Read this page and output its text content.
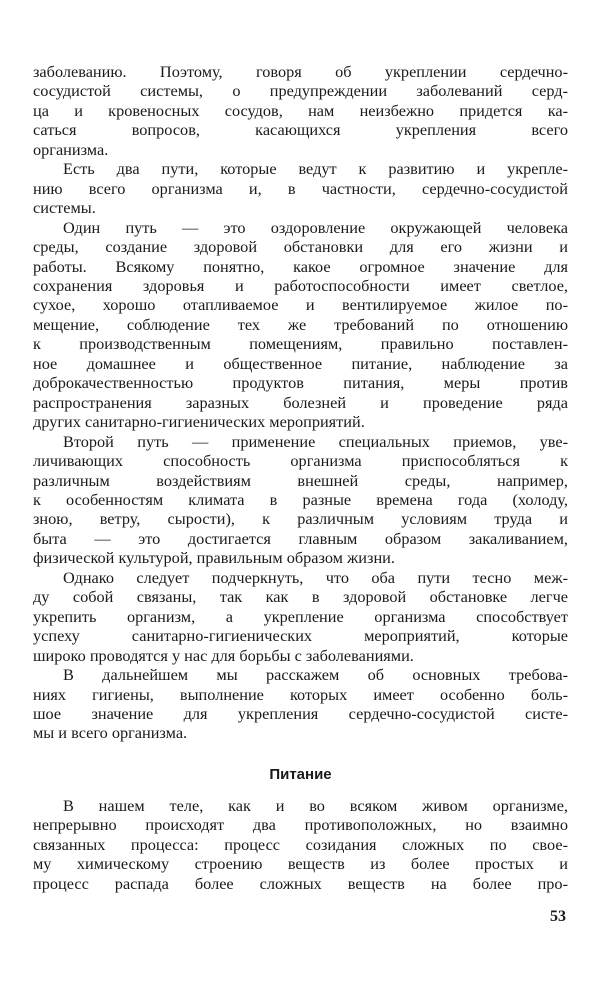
заболеванию. Поэтому, говоря об укреплении сердечно-
сосудистой системы, о предупреждении заболеваний серд-
ца и кровеносных сосудов, нам неизбежно придется ка-
саться вопросов, касающихся укрепления всего
организма.
Есть два пути, которые ведут к развитию и укрепле-
нию всего организма и, в частности, сердечно-сосудистой
системы.
Один путь — это оздоровление окружающей человека
среды, создание здоровой обстановки для его жизни и
работы. Всякому понятно, какое огромное значение для
сохранения здоровья и работоспособности имеет светлое,
сухое, хорошо отапливаемое и вентилируемое жилое по-
мещение, соблюдение тех же требований по отношению
к производственным помещениям, правильно поставлен-
ное домашнее и общественное питание, наблюдение за
доброкачественностью продуктов питания, меры против
распространения заразных болезней и проведение ряда
других санитарно-гигиенических мероприятий.
Второй путь — применение специальных приемов, уве-
личивающих способность организма приспособляться к
различным воздействиям внешней среды, например,
к особенностям климата в разные времена года (холоду,
зною, ветру, сырости), к различным условиям труда и
быта — это достигается главным образом закаливанием,
физической культурой, правильным образом жизни.
Однако следует подчеркнуть, что оба пути тесно меж-
ду собой связаны, так как в здоровой обстановке легче
укрепить организм, а укрепление организма способствует
успеху санитарно-гигиенических мероприятий, которые
широко проводятся у нас для борьбы с заболеваниями.
В дальнейшем мы расскажем об основных требова-
ниях гигиены, выполнение которых имеет особенно боль-
шое значение для укрепления сердечно-сосудистой систе-
мы и всего организма.
Питание
В нашем теле, как и во всяком живом организме,
непрерывно происходят два противоположных, но взаимно
связанных процесса: процесс созидания сложных по свое-
му химическому строению веществ из более простых и
процесс распада более сложных веществ на более про-
53
